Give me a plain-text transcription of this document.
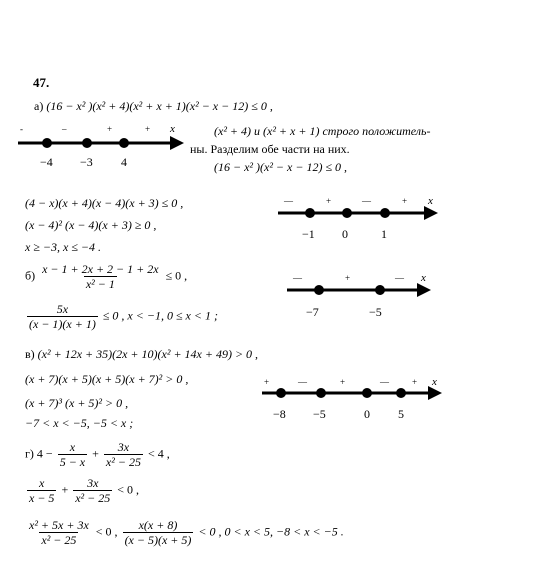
47.
а) (16 − x² )(x² + 4)(x² + x + 1)(x² − x − 12) ≤ 0 ,
-	–	+	+ x
−4 −3 4
(x² + 4) и (x² + x + 1) строго положитель-
ны. Разделим обе части на них.
(16 − x² )(x² − x − 12) ≤ 0 ,
(4 − x)(x + 4)(x − 4)(x + 3) ≤ 0 ,
(x − 4)² (x − 4)(x + 3) ≥ 0 ,
x ≥ −3, x ≤ −4 .
—	+	—	+ x
−1 0	1
$б) \frac{x - 1 + 2x + 2 - 1 + 2x}{\text{x² − 1}} \le 0$ ,
$\frac{5x}{(x - 1)(x + 1)} \le 0$ , x < −1, 0 ≤ x < 1 ;
—	+	— x
−7	−5
в) (x² + 12x + 35)(2x + 10)(x² + 14x + 49) > 0 ,
(x + 7)(x + 5)(x + 5)(x + 7)² > 0 ,
(x + 7)³ (x + 5)² > 0 ,
−7 < x < −5, −5 < x ;
+	—	+	—	+ x
−8 −5	0 5
г) $4 - \frac{x}{5 - x} + \frac{3x}{\text{x² − 25}} < 4$ ,
$\frac{x}{x - 5} + \frac{3x}{\text{x² − 25}} < 0$ ,
$\frac{\text{x² + 5x + 3x}}{\text{x² − 25}} < 0$ , $\frac{x(x + 8)}{(x - 5)(x + 5)} < 0$ , 0 < x < 5, −8 < x < −5 .
